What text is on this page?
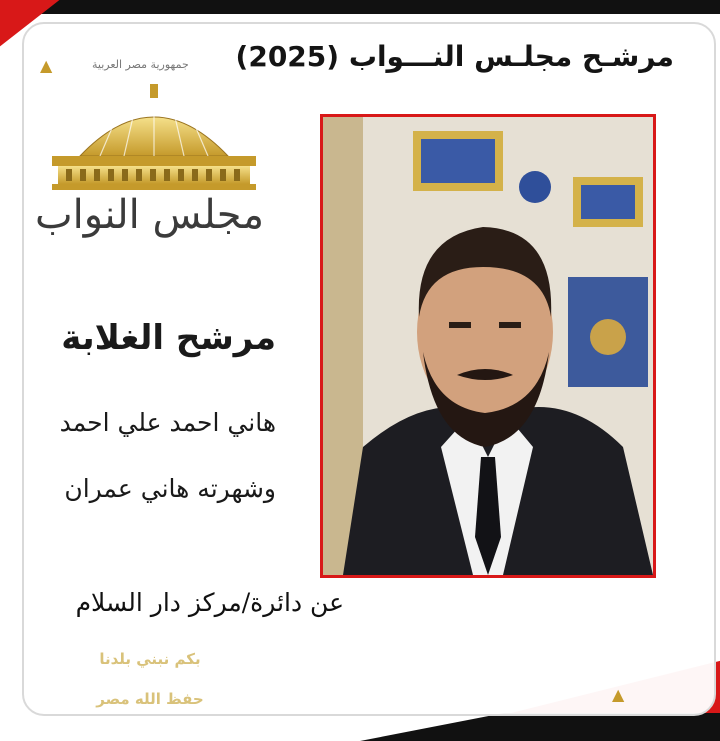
▲	جمهورية مصر العربية مرشـح مجلـس النـــواب (2025)
مجلس النواب
مرشح الغلابة
هاني احمد علي احمد
وشهرته هاني عمران
عن دائرة/مركز دار السلام
بكم نبني بلدنا
حفظ الله مصر	▲
